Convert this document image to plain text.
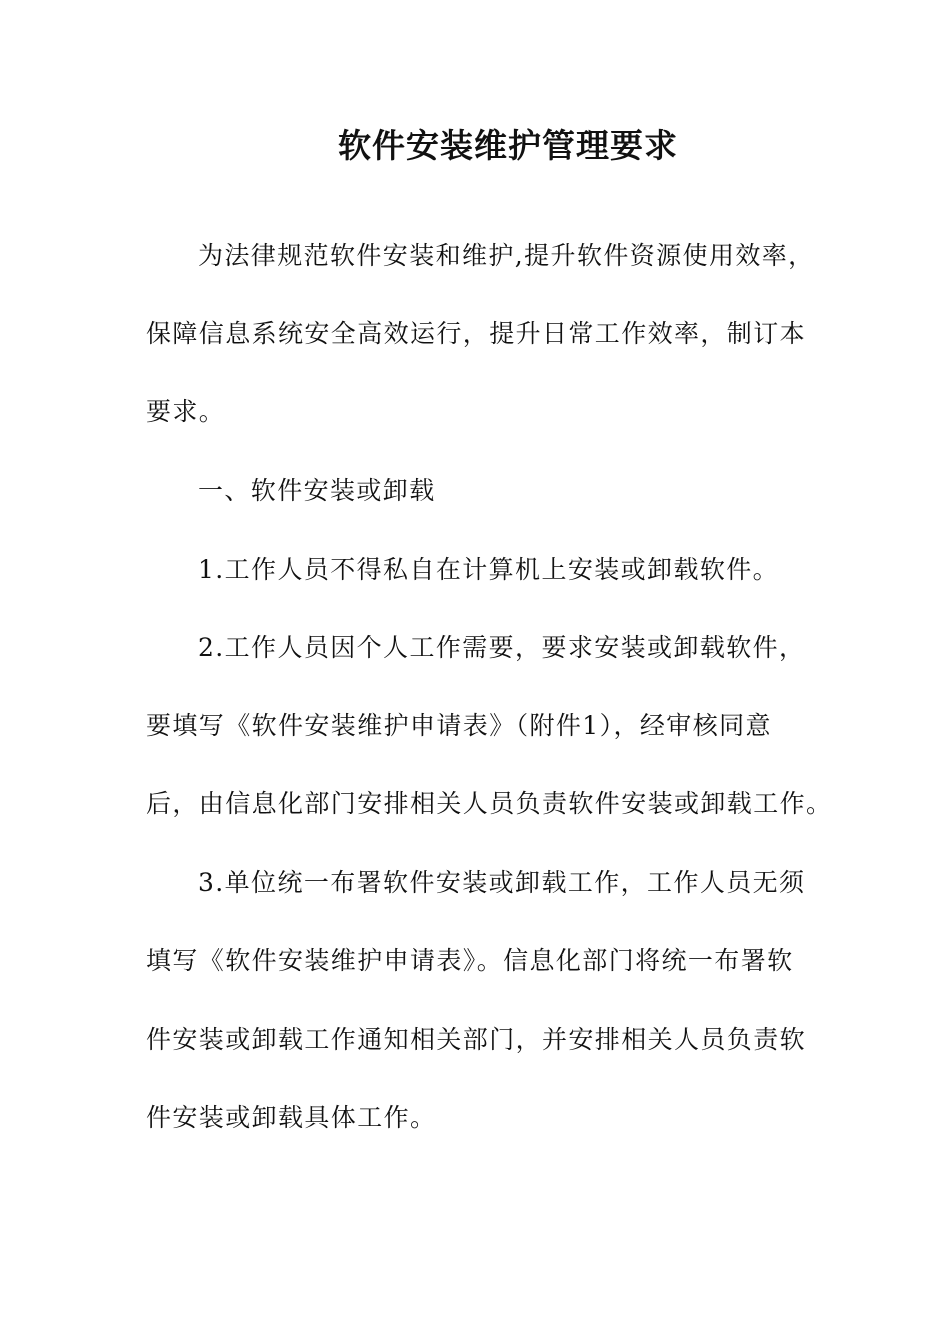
软件安装维护管理要求
为法律规范软件安装和维护,提升软件资源使用效率，
保障信息系统安全高效运行，提升日常工作效率，制订本
要求。
一、软件安装或卸载
1.工作人员不得私自在计算机上安装或卸载软件。
2.工作人员因个人工作需要，要求安装或卸载软件，
要填写《软件安装维护申请表》（附件1），经审核同意
后，由信息化部门安排相关人员负责软件安装或卸载工作。
3.单位统一布署软件安装或卸载工作，工作人员无须
填写《软件安装维护申请表》。信息化部门将统一布署软
件安装或卸载工作通知相关部门，并安排相关人员负责软
件安装或卸载具体工作。
